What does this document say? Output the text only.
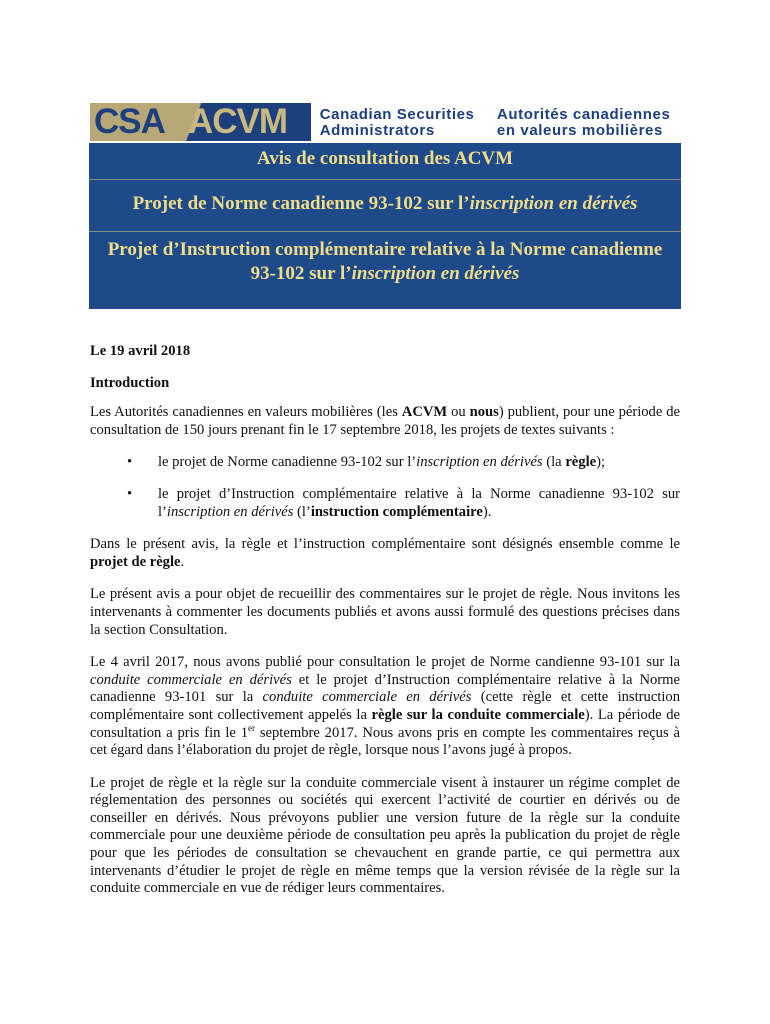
CSA ACVM Canadian Securities
Administrators
Autorités canadiennes
en valeurs mobilières
Avis de consultation des ACVM
Projet de Norme canadienne 93-102 sur l’inscription en dérivés
Projet d’Instruction complémentaire relative à la Norme canadienne
93-102 sur l’inscription en dérivés

Le 19 avril 2018

Introduction

Les Autorités canadiennes en valeurs mobilières (les ACVM ou nous) publient, pour une période de consultation de 150 jours prenant fin le 17 septembre 2018, les projets de textes suivants :

• le projet de Norme canadienne 93-102 sur l’inscription en dérivés (la règle);
• le projet d’Instruction complémentaire relative à la Norme canadienne 93-102 sur l’inscription en dérivés (l’instruction complémentaire).

Dans le présent avis, la règle et l’instruction complémentaire sont désignés ensemble comme le projet de règle.

Le présent avis a pour objet de recueillir des commentaires sur le projet de règle. Nous invitons les intervenants à commenter les documents publiés et avons aussi formulé des questions précises dans la section Consultation.

Le 4 avril 2017, nous avons publié pour consultation le projet de Norme candienne 93-101 sur la conduite commerciale en dérivés et le projet d’Instruction complémentaire relative à la Norme canadienne 93-101 sur la conduite commerciale en dérivés (cette règle et cette instruction complémentaire sont collectivement appelés la règle sur la conduite commerciale). La période de consultation a pris fin le 1er septembre 2017. Nous avons pris en compte les commentaires reçus à cet égard dans l’élaboration du projet de règle, lorsque nous l’avons jugé à propos.

Le projet de règle et la règle sur la conduite commerciale visent à instaurer un régime complet de réglementation des personnes ou sociétés qui exercent l’activité de courtier en dérivés ou de conseiller en dérivés. Nous prévoyons publier une version future de la règle sur la conduite commerciale pour une deuxième période de consultation peu après la publication du projet de règle pour que les périodes de consultation se chevauchent en grande partie, ce qui permettra aux intervenants d’étudier le projet de règle en même temps que la version révisée de la règle sur la conduite commerciale en vue de rédiger leurs commentaires.
